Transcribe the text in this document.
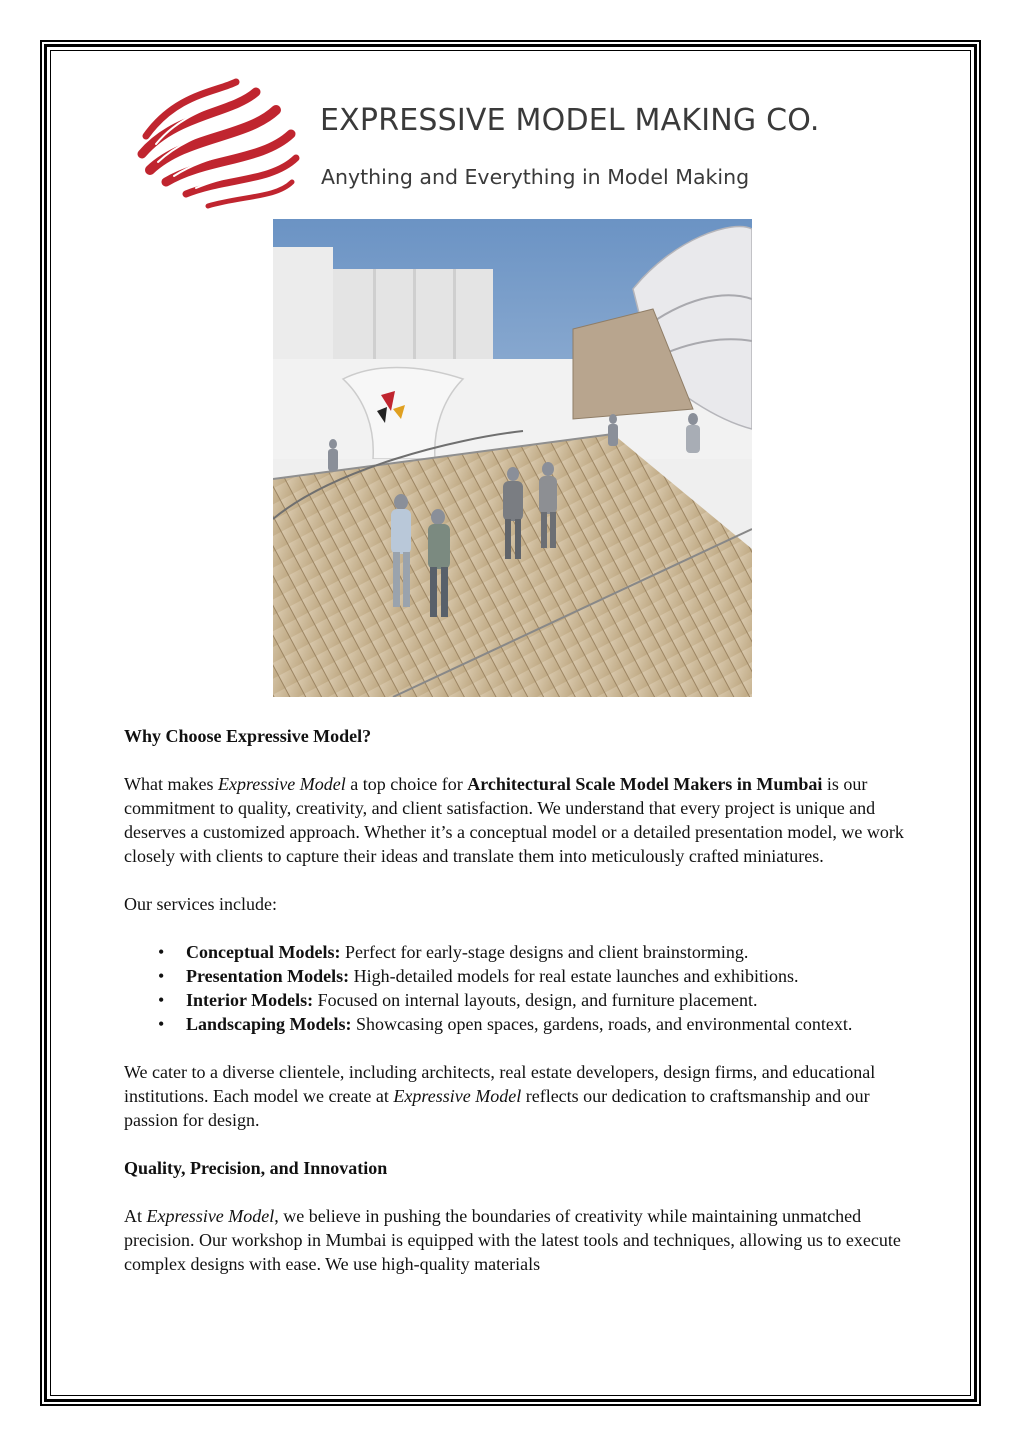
EXPRESSIVE MODEL MAKING CO.
Anything and Everything in Model Making
Why Choose Expressive Model?

What makes Expressive Model a top choice for Architectural Scale Model Makers in Mumbai is our commitment to quality, creativity, and client satisfaction. We understand that every project is unique and deserves a customized approach. Whether it’s a conceptual model or a detailed presentation model, we work closely with clients to capture their ideas and translate them into meticulously crafted miniatures.

Our services include:

• Conceptual Models: Perfect for early-stage designs and client brainstorming.
• Presentation Models: High-detailed models for real estate launches and exhibitions.
• Interior Models: Focused on internal layouts, design, and furniture placement.
• Landscaping Models: Showcasing open spaces, gardens, roads, and environmental context.

We cater to a diverse clientele, including architects, real estate developers, design firms, and educational institutions. Each model we create at Expressive Model reflects our dedication to craftsmanship and our passion for design.

Quality, Precision, and Innovation

At Expressive Model, we believe in pushing the boundaries of creativity while maintaining unmatched precision. Our workshop in Mumbai is equipped with the latest tools and techniques, allowing us to execute complex designs with ease. We use high-quality materials
